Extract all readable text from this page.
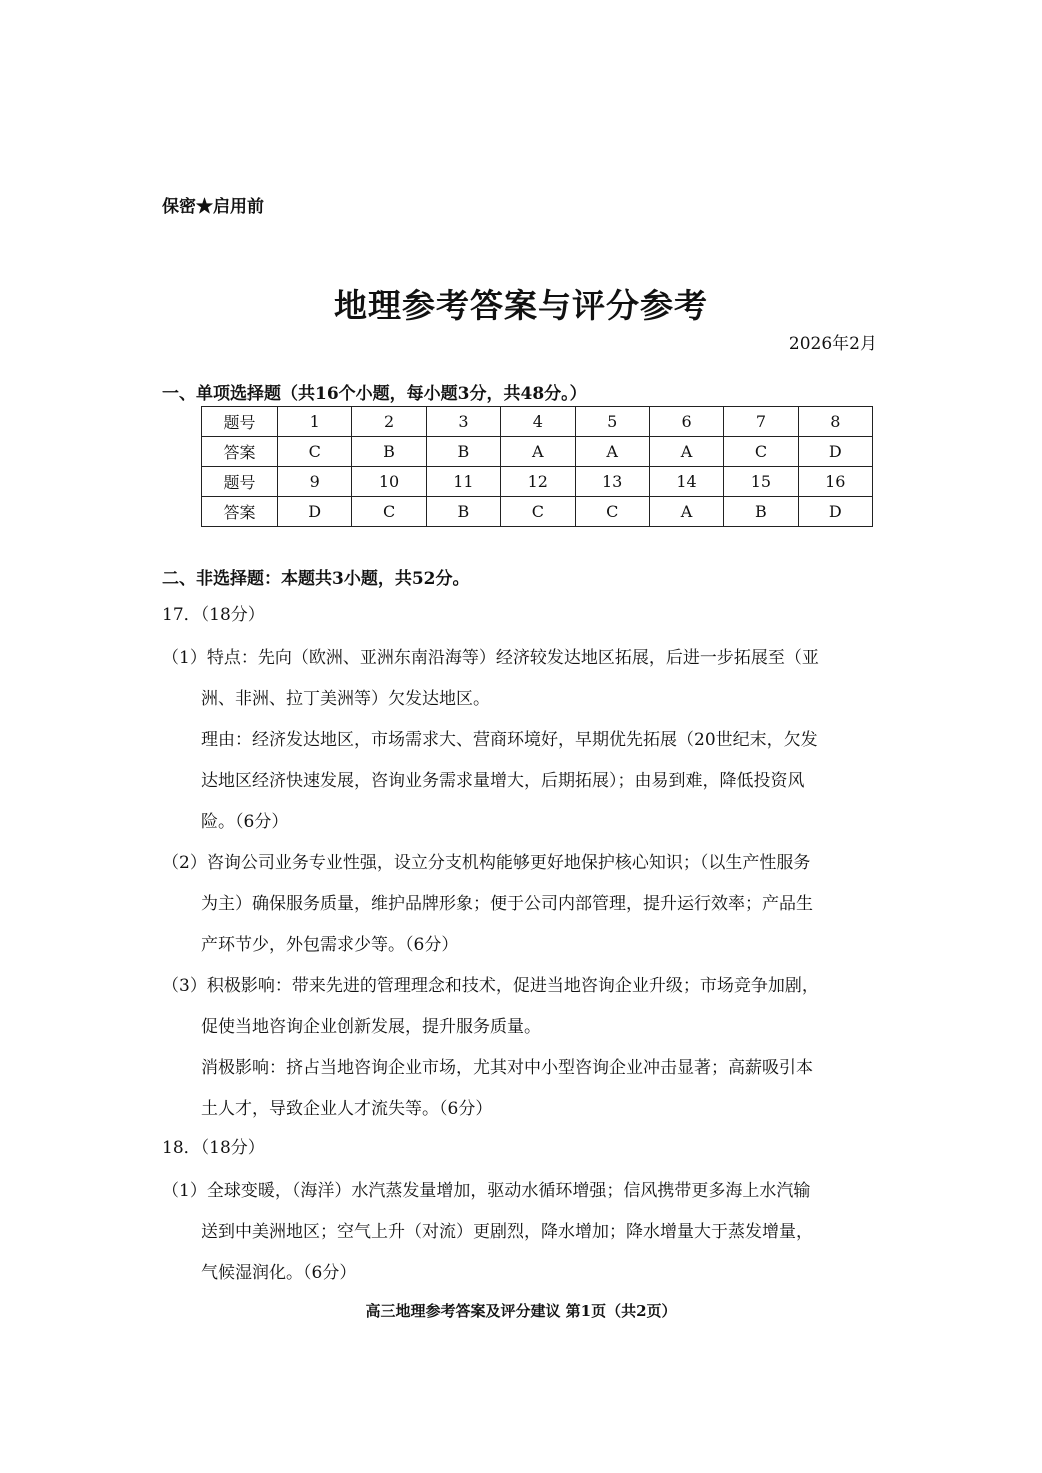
保密★启用前
地理参考答案与评分参考
2026年2月
一、单项选择题（共16个小题，每小题3分，共48分。）
题号	1	2	3	4	5	6	7	8
答案	C	B	B	A	A	A	C	D
题号	9	10	11	12	13	14	15	16
答案	D	C	B	C	C	A	B	D
二、非选择题：本题共3小题，共52分。
17．（18分）
（1）特点：先向（欧洲、亚洲东南沿海等）经济较发达地区拓展，后进一步拓展至（亚
洲、非洲、拉丁美洲等）欠发达地区。
理由：经济发达地区，市场需求大、营商环境好，早期优先拓展（20世纪末，欠发
达地区经济快速发展，咨询业务需求量增大，后期拓展）；由易到难，降低投资风
险。（6分）
（2）咨询公司业务专业性强，设立分支机构能够更好地保护核心知识；（以生产性服务
为主）确保服务质量，维护品牌形象；便于公司内部管理，提升运行效率；产品生
产环节少，外包需求少等。（6分）
（3）积极影响：带来先进的管理理念和技术，促进当地咨询企业升级；市场竞争加剧，
促使当地咨询企业创新发展，提升服务质量。
消极影响：挤占当地咨询企业市场，尤其对中小型咨询企业冲击显著；高薪吸引本
土人才，导致企业人才流失等。（6分）
18．（18分）
（1）全球变暖，（海洋）水汽蒸发量增加，驱动水循环增强；信风携带更多海上水汽输
送到中美洲地区；空气上升（对流）更剧烈，降水增加；降水增量大于蒸发增量，
气候湿润化。（6分）
高三地理参考答案及评分建议 第1页（共2页）
